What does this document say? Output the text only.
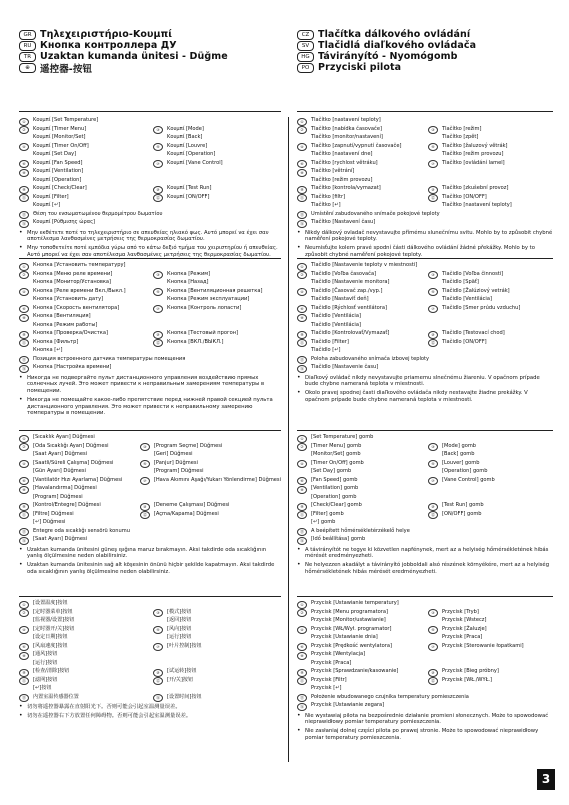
GR Τηλεχειριστήριο-Κουμπί
RU Кнопка контроллера ДУ
TR Uzaktan kumanda ünitesi - Düğme
⊕	遥控器-按钮
CZ Tlačítka dálkového ovládání
SV Tlačidlá diaľkového ovládača
HG Távirányító - Nyomógomb
PO Przyciski pilota
①	Κουμπί [Set Temperature]
②	Κουμπί [Timer Menu]	③	Κουμπί [Mode]
Κουμπί [Monitor/Set]	Κουμπί [Back]
④	Κουμπί [Timer On/Off]	⑤	Κουμπί [Louvre]
Κουμπί [Set Day]	Κουμπί [Operation]
⑥	Κουμπί [Fan Speed]	⑦	Κουμπί [Vane Control]
⑧	Κουμπί [Ventilation]
Κουμπί [Operation]
⑨	Κουμπί [Check/Clear]	⑩	Κουμπί [Test Run]
⑪	Κουμπί [Filter]	⑫	Κουμπί [ON/OFF]
Κουμπί [↵]
⑬	Θέση του ενσωματωμένου θερμομέτρου δωματίου
⑭	Κουμπί [Ρύθμισης ώρας]
• Μην εκθέτετε ποτέ το τηλεχειριστήριο σε απευθείας ηλιακό φως. Αυτό μπορεί να έχει σαν αποτέλεσμα λανθασμένες μετρήσεις της θερμοκρασίας δωματίου.
• Μην τοποθετείτε ποτέ εμπόδια γύρω από το κάτω δεξιό τμήμα του χειριστηρίου ή απευθείας. Αυτό μπορεί να έχει σαν αποτέλεσμα λανθασμένες μετρήσεις της θερμοκρασίας δωματίου.
①	Кнопка [Установить температуру]
②	Кнопка [Меню реле времени]	③	Кнопка [Режим]
Кнопка [Монитор/Установка]	Кнопка [Назад]
④	Кнопка [Реле времени Вкл./Выкл.]	⑤	Кнопка [Вентиляционная решетка]
Кнопка [Установить дату]	Кнопка [Режим эксплуатации]
⑥	Кнопка [Скорость вентилятора]	⑦	Кнопка [Контроль лопасти]
⑧	Кнопка [Вентиляция]
Кнопка [Режим работы]
⑨	Кнопка [Проверка/Очистка]	⑩	Кнопка [Тестовый прогон]
⑪	Кнопка [Фильтр]	⑫	Кнопка [ВКЛ./ВЫКЛ.]
Кнопка [↵]
⑬	Позиция встроенного датчика температуры помещения
⑭	Кнопка [Настройка времени]
• Никогда не подвергайте пульт дистанционного управления воздействию прямых солнечных лучей. Это может привести к неправильным замерениям температуры в помещении.
• Никогда не помещайте какое-либо препятствие перед нижней правой секцией пульта дистанционного управления. Это может привести к неправильному замерению температуры в помещении.
①	[Sıcaklık Ayarı] Düğmesi
②	[Oda Sıcaklığı Ayarı] Düğmesi	③	[Program Seçme] Düğmesi
[Saat Ayarı] Düğmesi	[Geri] Düğmesi
④	[Saatli/Süreli Çalışma] Düğmesi	⑤	[Panjur] Düğmesi
[Gün Ayarı] Düğmesi	[Program] Düğmesi
⑥	[Vantilatör Hızı Ayarlama] Düğmesi	⑦	[Hava Akımını Aşağı/Yukarı Yönlendirme] Düğmesi
⑧	[Havalandırma] Düğmesi
[Program] Düğmesi
⑨	[Kontrol/Entegre] Düğmesi	⑩	[Deneme Çalışması] Düğmesi
⑪	[Filtre] Düğmesi	⑫	[Açma/Kapama] Düğmesi
[↵] Düğmesi
⑬	Entegre oda sıcaklığı sensörü konumu
⑭	[Saat Ayarı] Düğmesi
• Uzaktan kumanda ünitesini güneş ışığına maruz bırakmayın. Aksi takdirde oda sıcaklığının yanlış ölçülmesine neden olabilirsiniz.
• Uzaktan kumanda ünitesinin sağ alt köşesinin önünü hiçbir şekilde kapatmayın. Aksi takdirde oda sıcaklığının yanlış ölçülmesine neden olabilirsiniz.
①	[设置温度]按钮
②	[定时器菜单]按钮	③	[模式]按钮
[监视器/设置]按钮	[返回]按钮
④	[定时器开/关]按钮	⑤	[风向]按钮
[设定日期]按钮	[运行]按钮
⑥	[风扇速度]按钮	⑦	[叶片控制]按钮
⑧	[通风]按钮
[运行]按钮
⑨	[检查/清除]按钮	⑩	[试运转]按钮
⑪	[滤网]按钮	⑫	[开/关]按钮
[↵]按钮
⑬	内置室温传感器位置	⑭	[设置时间]按钮
• 切勿将遥控器暴露在直射阳光下。否则可能会引起室温测量误差。
• 切勿在遥控器右下方放置任何障碍物。否则可能会引起室温测量误差。
①	Tlačítko [nastavení teploty]
②	Tlačítko [nabídka časovače]	③	Tlačítko [režim]
Tlačítko [monitor/nastavení]	Tlačítko [zpět]
④	Tlačítko [zapnutí/vypnutí časovače]	⑤	Tlačítko [žaluzový větrák]
Tlačítko [nastavení dne]	Tlačítko [režim provozu]
⑥	Tlačítko [rychlost větráku]	⑦	Tlačítko [ovládání lamel]
⑧	Tlačítko [větrání]
Tlačítko [režim provozu]
⑨	Tlačítko [kontrola/vymazat]	⑩	Tlačítko [zkušební provoz]
⑪	Tlačítko [filtr]	⑫	Tlačítko [ON/OFF]
Tlačítko [↵]	Tlačítko [nastavení teploty]
⑬	Umístění zabudovaného snímače pokojové teploty
⑭	Tlačítko [Nastavení času]
• Nikdy dálkový ovladač nevystavujte přímému slunečnímu svitu. Mohlo by to způsobit chybné naměření pokojové teploty.
• Neumisťujte kolem pravé spodní části dálkového ovládání žádné překážky. Mohlo by to způsobit chybné naměření pokojové teploty.
①	Tlačidlo [Nastavenie teploty v miestnosti]
②	Tlačidlo [Voľba časovača]	③	Tlačidlo [Voľba činnosti]
Tlačidlo [Nastavenie monitora]	Tlačidlo [Späť]
④	Tlačidlo [Časovač zap./vyp.]	⑤	Tlačidlo [Žalúziový vetrák]
Tlačidlo [Nastaviť deň]	Tlačidlo [Ventilácia]
⑥	Tlačidlo [Rýchlosť ventilátora]	⑦	Tlačidlo [Smer prúdu vzduchu]
⑧	Tlačidlo [Ventilácia]
Tlačidlo [Ventilácia]
⑨	Tlačidlo [Kontrolovať/Vymazať]	⑩	Tlačidlo [Testovací chod]
⑪	Tlačidlo [Filter]	⑫	Tlačidlo [ON/OFF]
Tlačidlo [↵]
⑬	Poloha zabudovaného snímača izbovej teploty
⑭	Tlačidlo [Nastavenie času]
• Diaľkový ovládač nikdy nevystavujte priamemu slnečnému žiareniu. V opačnom prípade bude chybne nameraná teplota v miestnosti.
• Okolo pravej spodnej časti diaľkového ovládača nikdy nestavajte žiadne prekážky. V opačnom prípade bude chybne nameraná teplota v miestnosti.
①	[Set Temperature] gomb
②	[Timer Menu] gomb	③	[Mode] gomb
[Monitor/Set] gomb	[Back] gomb
④	[Timer On/Off] gomb	⑤	[Louver] gomb
[Set Day] gomb	[Operation] gomb
⑥	[Fan Speed] gomb	⑦	[Vane Control] gomb
⑧	[Ventilation] gomb
[Operation] gomb
⑨	[Check/Clear] gomb	⑩	[Test Run] gomb
⑪	[Filter] gomb	⑫	[ON/OFF] gomb
[↵] gomb
⑬	A beépített hőmérsékletérzékelő helye
⑭	[Idő beállítása] gomb
• A távirányítót ne tegye ki közvetlen napfénynek, mert az a helyiség hőmérsékletének hibás mérését eredményezheti.
• Ne helyezzen akadályt a távirányító jobboldali alsó részének környékére, mert az a helyiség hőmérsékletének hibás mérését eredményezheti.
①	Przycisk [Ustawianie temperatury]
②	Przycisk [Menu programatora]	③	Przycisk [Tryb]
Przycisk [Monitor/ustawianie]	Przycisk [Wstecz]
④	Przycisk [WŁ/Wył. programator]	⑤	Przycisk [Żaluzje]
Przycisk [Ustawianie dnia]	Przycisk [Praca]
⑥	Przycisk [Prędkość wentylatora]	⑦	Przycisk [Sterowanie łopatkami]
⑧	Przycisk [Wentylacja]
Przycisk [Praca]
⑨	Przycisk [Sprawdzanie/kasowanie]	⑩	Przycisk [Bieg próbny]
⑪	Przycisk [Filtr]	⑫	Przycisk [WŁ./WYŁ.]
Przycisk [↵]
⑬	Położenie wbudowanego czujnika temperatury pomieszczenia
⑭	Przycisk [Ustawianie zegara]
• Nie wystawiaj pilota na bezpośrednie działanie promieni słonecznych. Może to spowodować nieprawidłowy pomiar temperatury pomieszczenia.
• Nie zasłaniaj dolnej części pilota po prawej stronie. Może to spowodować nieprawidłowy pomiar temperatury pomieszczenia.
3
